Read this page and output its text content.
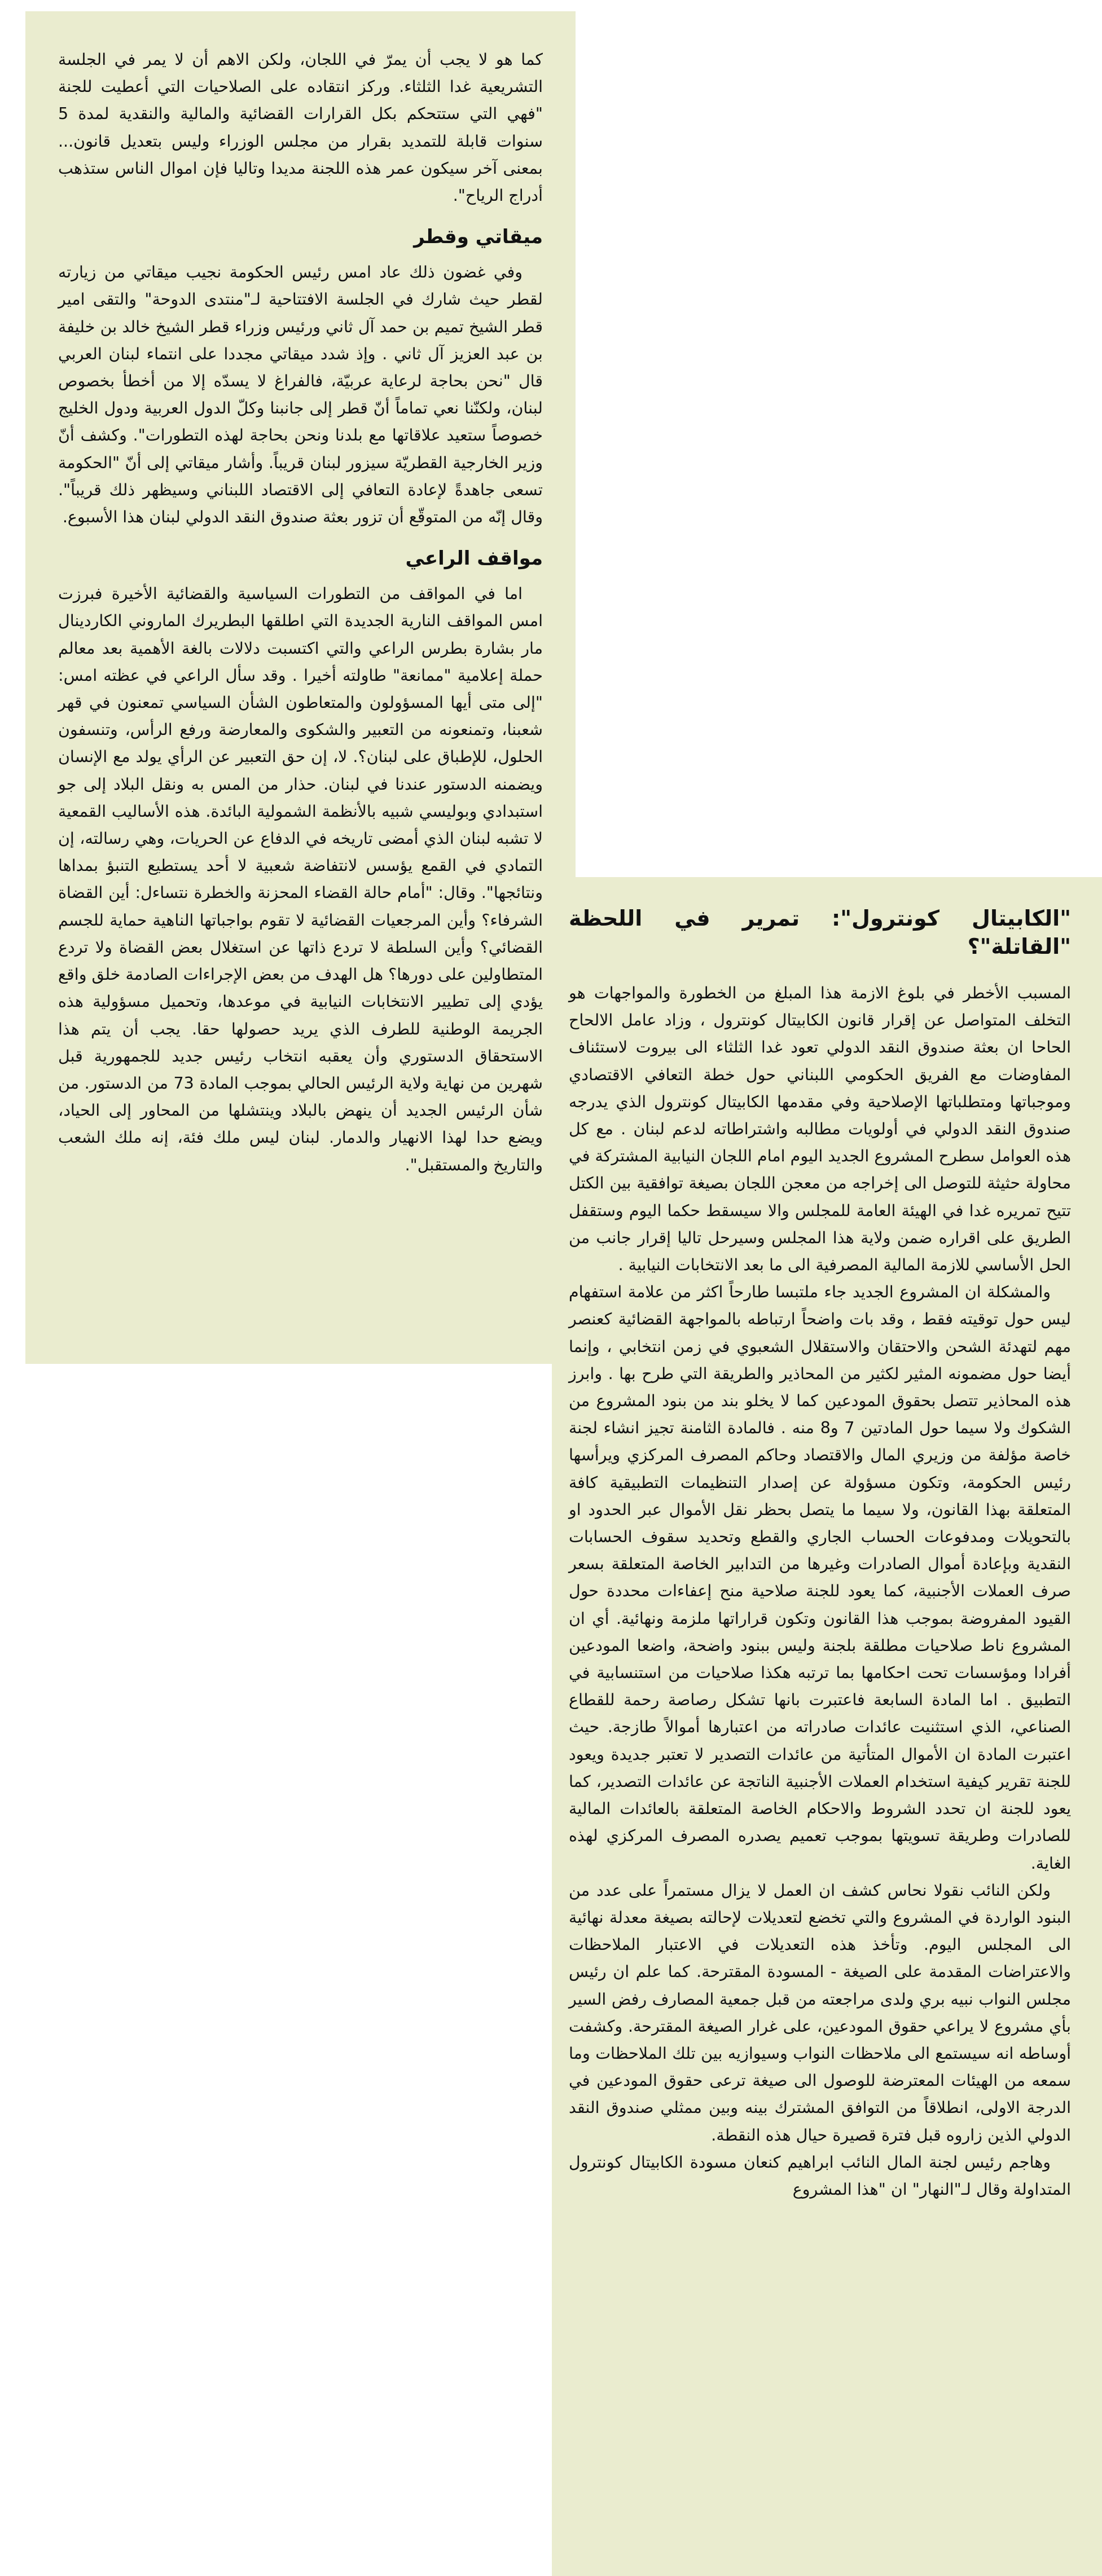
كما هو لا يجب أن يمرّ في اللجان، ولكن الاهم أن لا يمر في الجلسة التشريعية غدا الثلثاء. وركز انتقاده على الصلاحيات التي أعطيت للجنة "فهي التي ستتحكم بكل القرارات القضائية والمالية والنقدية لمدة 5 سنوات قابلة للتمديد بقرار من مجلس الوزراء وليس بتعديل قانون... بمعنى آخر سيكون عمر هذه اللجنة مديدا وتاليا فإن اموال الناس ستذهب أدراج الرياح".

ميقاتي وقطر

وفي غضون ذلك عاد امس رئيس الحكومة نجيب ميقاتي من زيارته لقطر حيث شارك في الجلسة الافتتاحية لـ"منتدى الدوحة" والتقى امير قطر الشيخ تميم بن حمد آل ثاني ورئيس وزراء قطر الشيخ خالد بن خليفة بن عبد العزيز آل ثاني . وإذ شدد ميقاتي مجددا على انتماء لبنان العربي قال "نحن بحاجة لرعاية عربيّة، فالفراغ لا يسدّه إلا من أخطأ بخصوص لبنان، ولكنّنا نعي تماماً أنّ قطر إلى جانبنا وكلّ الدول العربية ودول الخليج خصوصاً ستعيد علاقاتها مع بلدنا ونحن بحاجة لهذه التطورات". وكشف أنّ وزير الخارجية القطريّة سيزور لبنان قريباً. وأشار ميقاتي إلى أنّ "الحكومة تسعى جاهدةً لإعادة التعافي إلى الاقتصاد اللبناني وسيظهر ذلك قريباً". وقال إنّه من المتوقّع أن تزور بعثة صندوق النقد الدولي لبنان هذا الأسبوع.

مواقف الراعي

اما في المواقف من التطورات السياسية والقضائية الأخيرة فبرزت امس المواقف النارية الجديدة التي اطلقها البطريرك الماروني الكاردينال مار بشارة بطرس الراعي والتي اكتسبت دلالات بالغة الأهمية بعد معالم حملة إعلامية "ممانعة" طاولته أخيرا . وقد سأل الراعي في عظته امس: "إلى متى أيها المسؤولون والمتعاطون الشأن السياسي تمعنون في قهر شعبنا، وتمنعونه من التعبير والشكوى والمعارضة ورفع الرأس، وتنسفون الحلول، للإطباق على لبنان؟. لا، إن حق التعبير عن الرأي يولد مع الإنسان ويضمنه الدستور عندنا في لبنان. حذار من المس به ونقل البلاد إلى جو استبدادي وبوليسي شبيه بالأنظمة الشمولية البائدة. هذه الأساليب القمعية لا تشبه لبنان الذي أمضى تاريخه في الدفاع عن الحريات، وهي رسالته، إن التمادي في القمع يؤسس لانتفاضة شعبية لا أحد يستطيع التنبؤ بمداها ونتائجها". وقال: "أمام حالة القضاء المحزنة والخطرة نتساءل: أين القضاة الشرفاء؟ وأين المرجعيات القضائية لا تقوم بواجباتها الناهية حماية للجسم القضائي؟ وأين السلطة لا تردع ذاتها عن استغلال بعض القضاة ولا تردع المتطاولين على دورها؟ هل الهدف من بعض الإجراءات الصادمة خلق واقع يؤدي إلى تطيير الانتخابات النيابية في موعدها، وتحميل مسؤولية هذه الجريمة الوطنية للطرف الذي يريد حصولها حقا. يجب أن يتم هذا الاستحقاق الدستوري وأن يعقبه انتخاب رئيس جديد للجمهورية قبل شهرين من نهاية ولاية الرئيس الحالي بموجب المادة 73 من الدستور. من شأن الرئيس الجديد أن ينهض بالبلاد وينتشلها من المحاور إلى الحياد، ويضع حدا لهذا الانهيار والدمار. لبنان ليس ملك فئة، إنه ملك الشعب والتاريخ والمستقبل".

"الكابيتال كونترول": تمرير في اللحظة "القاتلة"؟

المسبب الأخطر في بلوغ الازمة هذا المبلغ من الخطورة والمواجهات هو التخلف المتواصل عن إقرار قانون الكابيتال كونترول ، وزاد عامل الالحاح الحاحا ان بعثة صندوق النقد الدولي تعود غدا الثلثاء الى بيروت لاستئناف المفاوضات مع الفريق الحكومي اللبناني حول خطة التعافي الاقتصادي وموجباتها ومتطلباتها الإصلاحية وفي مقدمها الكابيتال كونترول الذي يدرجه صندوق النقد الدولي في أولويات مطالبه واشتراطاته لدعم لبنان . مع كل هذه العوامل سطرح المشروع الجديد اليوم امام اللجان النيابية المشتركة في محاولة حثيثة للتوصل الى إخراجه من معجن اللجان بصيغة توافقية بين الكتل تتيح تمريره غدا في الهيئة العامة للمجلس والا سيسقط حكما اليوم وستقفل الطريق على اقراره ضمن ولاية هذا المجلس وسيرحل تاليا إقرار جانب من الحل الأساسي للازمة المالية المصرفية الى ما بعد الانتخابات النيابية .

والمشكلة ان المشروع الجديد جاء ملتبسا طارحاً اكثر من علامة استفهام ليس حول توقيته فقط ، وقد بات واضحاً ارتباطه بالمواجهة القضائية كعنصر مهم لتهدئة الشحن والاحتقان والاستقلال الشعبوي في زمن انتخابي ، وإنما أيضا حول مضمونه المثير لكثير من المحاذير والطريقة التي طرح بها . وابرز هذه المحاذير تتصل بحقوق المودعين كما لا يخلو بند من بنود المشروع من الشكوك ولا سيما حول المادتين 7 و8 منه . فالمادة الثامنة تجيز انشاء لجنة خاصة مؤلفة من وزيري المال والاقتصاد وحاكم المصرف المركزي ويرأسها رئيس الحكومة، وتكون مسؤولة عن إصدار التنظيمات التطبيقية كافة المتعلقة بهذا القانون، ولا سيما ما يتصل بحظر نقل الأموال عبر الحدود او بالتحويلات ومدفوعات الحساب الجاري والقطع وتحديد سقوف الحسابات النقدية وبإعادة أموال الصادرات وغيرها من التدابير الخاصة المتعلقة بسعر صرف العملات الأجنبية، كما يعود للجنة صلاحية منح إعفاءات محددة حول القيود المفروضة بموجب هذا القانون وتكون قراراتها ملزمة ونهائية. أي ان المشروع ناط صلاحيات مطلقة بلجنة وليس ببنود واضحة، واضعا المودعين أفرادا ومؤسسات تحت احكامها بما ترتبه هكذا صلاحيات من استنسابية في التطبيق . اما المادة السابعة فاعتبرت بانها تشكل رصاصة رحمة للقطاع الصناعي، الذي استثنيت عائدات صادراته من اعتبارها أموالاً طازجة. حيث اعتبرت المادة ان الأموال المتأتية من عائدات التصدير لا تعتبر جديدة ويعود للجنة تقرير كيفية استخدام العملات الأجنبية الناتجة عن عائدات التصدير، كما يعود للجنة ان تحدد الشروط والاحكام الخاصة المتعلقة بالعائدات المالية للصادرات وطريقة تسويتها بموجب تعميم يصدره المصرف المركزي لهذه الغاية.

ولكن النائب نقولا نحاس كشف ان العمل لا يزال مستمراً على عدد من البنود الواردة في المشروع والتي تخضع لتعديلات لإحالته بصيغة معدلة نهائية الى المجلس اليوم. وتأخذ هذه التعديلات في الاعتبار الملاحظات والاعتراضات المقدمة على الصيغة - المسودة المقترحة. كما علم ان رئيس مجلس النواب نبيه بري ولدى مراجعته من قبل جمعية المصارف رفض السير بأي مشروع لا يراعي حقوق المودعين، على غرار الصيغة المقترحة. وكشفت أوساطه انه سيستمع الى ملاحظات النواب وسيوازيه بين تلك الملاحظات وما سمعه من الهيئات المعترضة للوصول الى صيغة ترعى حقوق المودعين في الدرجة الاولى، انطلاقاً من التوافق المشترك بينه وبين ممثلي صندوق النقد الدولي الذين زاروه قبل فترة قصيرة حيال هذه النقطة.

وهاجم رئيس لجنة المال النائب ابراهيم كنعان مسودة الكابيتال كونترول المتداولة وقال لـ"النهار" ان "هذا المشروع
